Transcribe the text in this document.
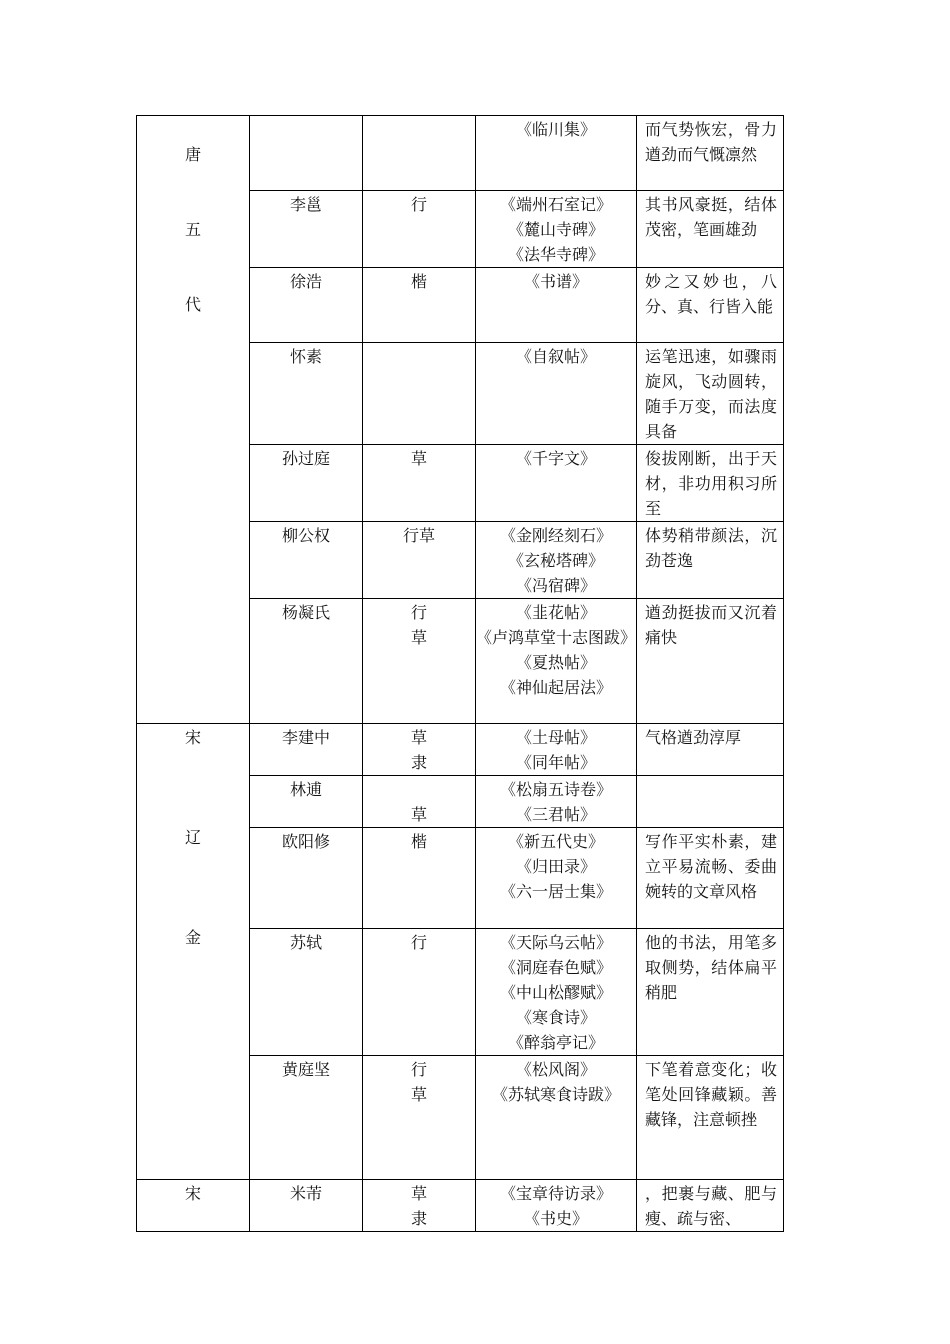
唐
五
代			《临川集》	而气势恢宏，骨力遒劲而气慨凛然
	李邕	行	《端州石室记》
《麓山寺碑》
《法华寺碑》	其书风豪挺，结体茂密，笔画雄劲
	徐浩	楷	《书谱》	妙之又妙也，八分、真、行皆入能
	怀素		《自叙帖》	运笔迅速，如骤雨旋风，飞动圆转，随手万变，而法度具备
	孙过庭	草	《千字文》	俊拔刚断，出于天材，非功用积习所至
	柳公权	行草	《金刚经刻石》
《玄秘塔碑》
《冯宿碑》	体势稍带颜法，沉劲苍逸
	杨凝氏	行
草	《韭花帖》
《卢鸿草堂十志图跋》
《夏热帖》
《神仙起居法》	遒劲挺拔而又沉着痛快

宋
辽
金	李建中	草
隶	《土母帖》
《同年帖》	气格遒劲淳厚
	林逋	草	《松扇五诗卷》
《三君帖》	

	欧阳修	楷	《新五代史》
《归田录》
《六一居士集》	写作平实朴素，建立平易流畅、委曲婉转的文章风格
	苏轼	行	《天际乌云帖》
《洞庭春色赋》
《中山松醪赋》
《寒食诗》
《醉翁亭记》	他的书法，用笔多取侧势，结体扁平稍肥
	黄庭坚	行
草	《松风阁》
《苏轼寒食诗跋》	下笔着意变化；收笔处回锋藏颖。善藏锋，注意顿挫

宋	米芾	草
隶	《宝章待访录》
《书史》	，把裹与藏、肥与瘦、疏与密、
